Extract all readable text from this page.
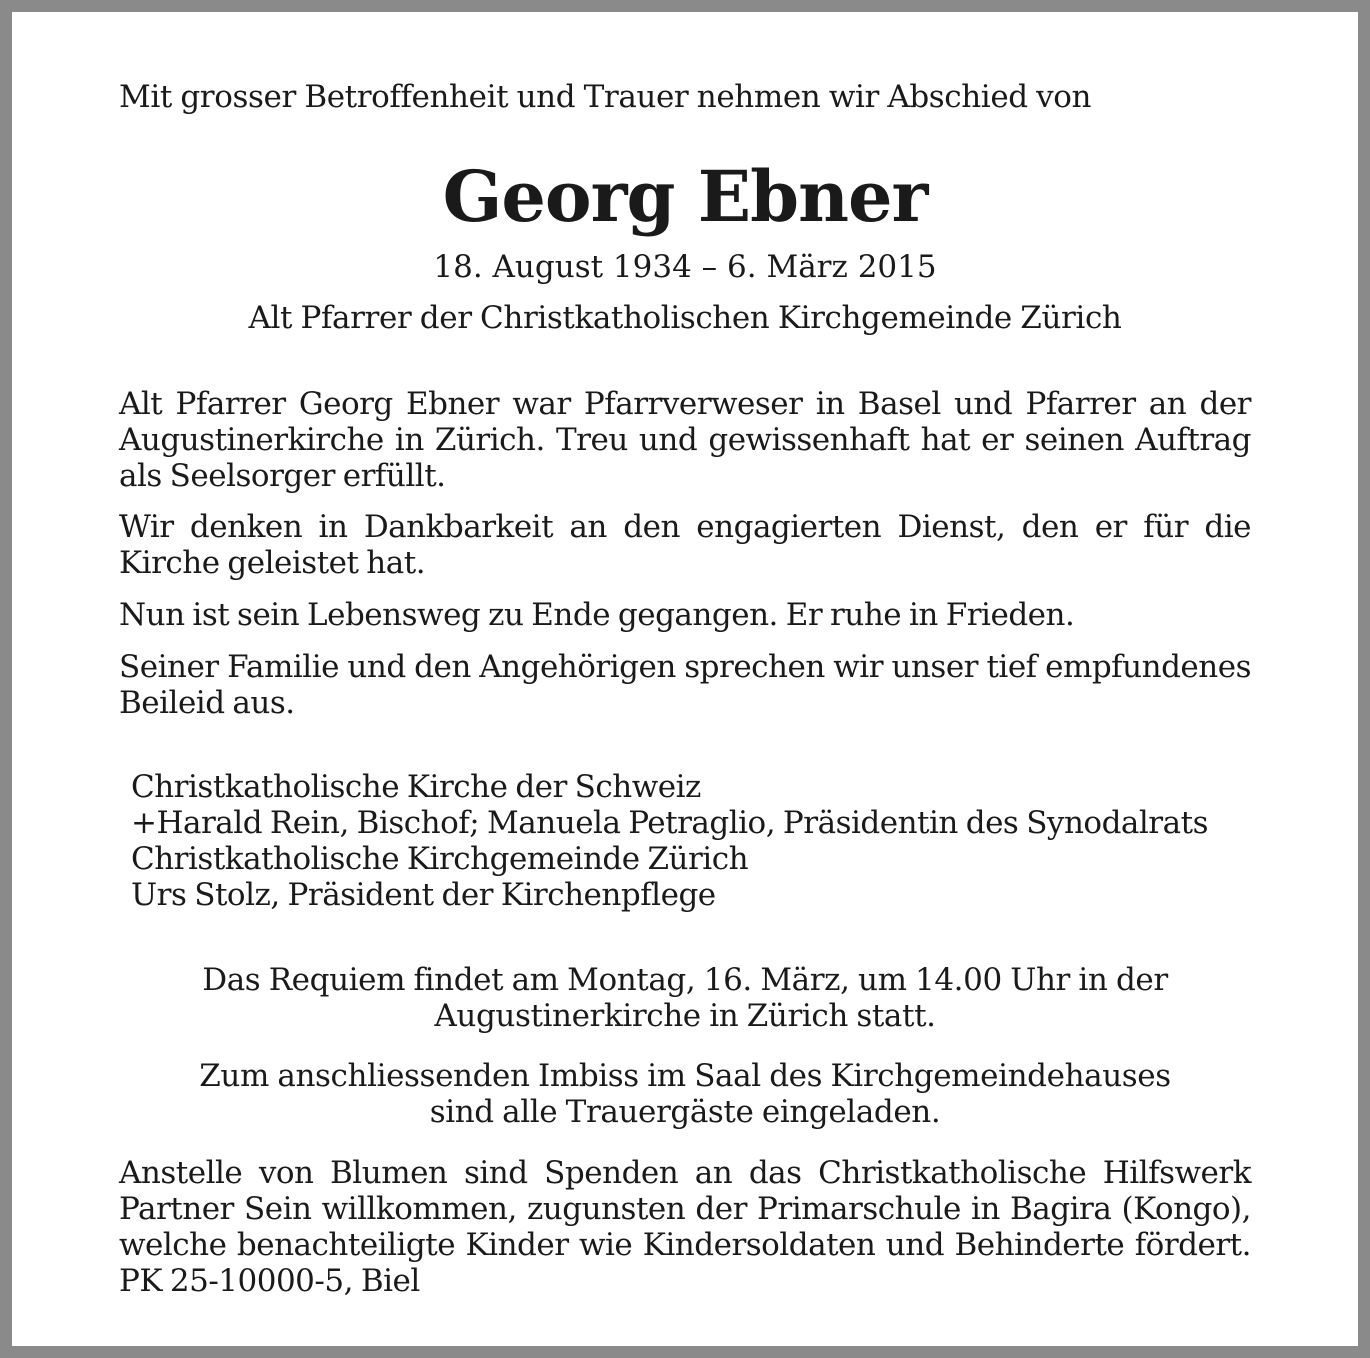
Mit grosser Betroffenheit und Trauer nehmen wir Abschied von

Georg Ebner

18. August 1934 – 6. März 2015

Alt Pfarrer der Christkatholischen Kirchgemeinde Zürich

Alt Pfarrer Georg Ebner war Pfarrverweser in Basel und Pfarrer an der Augustinerkirche in Zürich. Treu und gewissenhaft hat er seinen Auftrag als Seelsorger erfüllt.

Wir denken in Dankbarkeit an den engagierten Dienst, den er für die Kirche geleistet hat.

Nun ist sein Lebensweg zu Ende gegangen. Er ruhe in Frieden.

Seiner Familie und den Angehörigen sprechen wir unser tief empfundenes Beileid aus.

Christkatholische Kirche der Schweiz
+Harald Rein, Bischof; Manuela Petraglio, Präsidentin des Synodalrats
Christkatholische Kirchgemeinde Zürich
Urs Stolz, Präsident der Kirchenpflege
Das Requiem findet am Montag, 16. März, um 14.00 Uhr in der
Augustinerkirche in Zürich statt.
Zum anschliessenden Imbiss im Saal des Kirchgemeindehauses
sind alle Trauergäste eingeladen.

Anstelle von Blumen sind Spenden an das Christkatholische Hilfswerk Partner Sein willkommen, zugunsten der Primarschule in Bagira (Kongo), welche benachteiligte Kinder wie Kindersoldaten und Behinderte fördert. PK 25-10000-5, Biel
